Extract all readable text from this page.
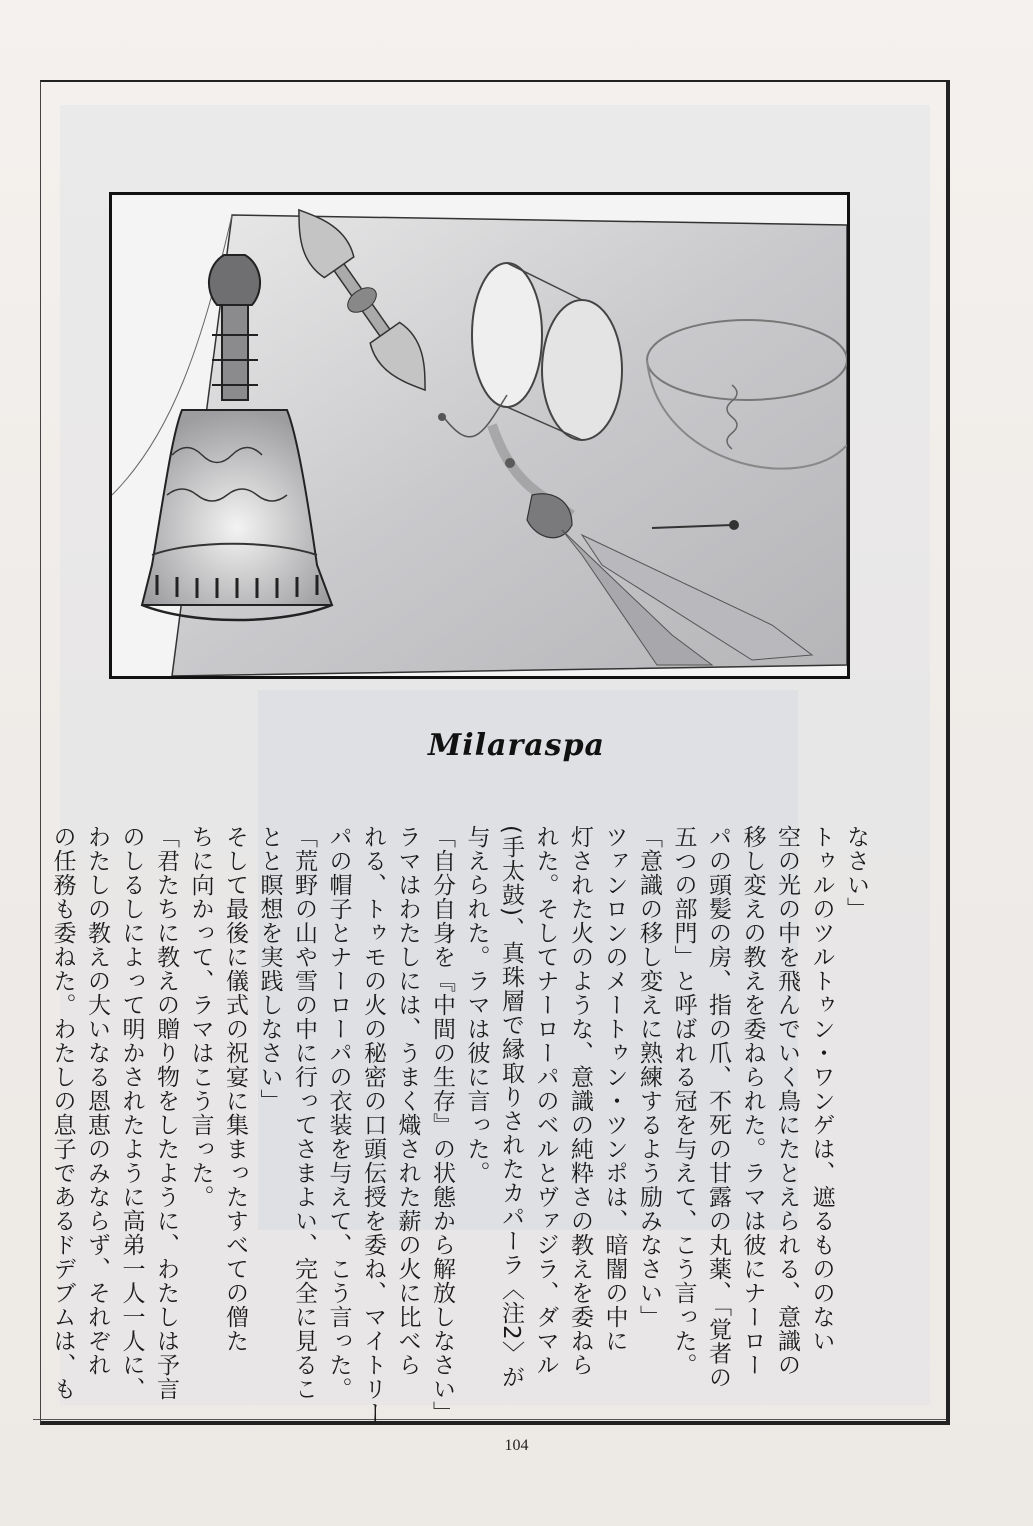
Milaraspa

なさい」

トゥルのツルトゥン・ワンゲは、遮るもののない

空の光の中を飛んでいく鳥にたとえられる、意識の

移し変えの教えを委ねられた。ラマは彼にナーロー

パの頭髪の房、指の爪、不死の甘露の丸薬、「覚者の

五つの部門」と呼ばれる冠を与えて、こう言った。

「意識の移し変えに熟練するよう励みなさい」

ツァンロンのメートゥン・ツンポは、暗闇の中に

灯された火のような、意識の純粋さの教えを委ねら

れた。そしてナーローパのベルとヴァジラ、ダマル

(手太鼓)、真珠層で縁取りされたカパーラ〈注2〉が

与えられた。ラマは彼に言った。

「自分自身を『中間の生存』の状態から解放しなさい」

ラマはわたしには、うまく熾された薪の火に比べら

れる、トゥモの火の秘密の口頭伝授を委ね、マイトリー

パの帽子とナーローパの衣装を与えて、こう言った。

「荒野の山や雪の中に行ってさまよい、完全に見るこ

とと瞑想を実践しなさい」

そして最後に儀式の祝宴に集まったすべての僧た

ちに向かって、ラマはこう言った。

「君たちに教えの贈り物をしたように、わたしは予言

のしるしによって明かされたように高弟一人一人に、

わたしの教えの大いなる恩恵のみならず、それぞれ

の任務も委ねた。わたしの息子であるドデブムは、も

104
